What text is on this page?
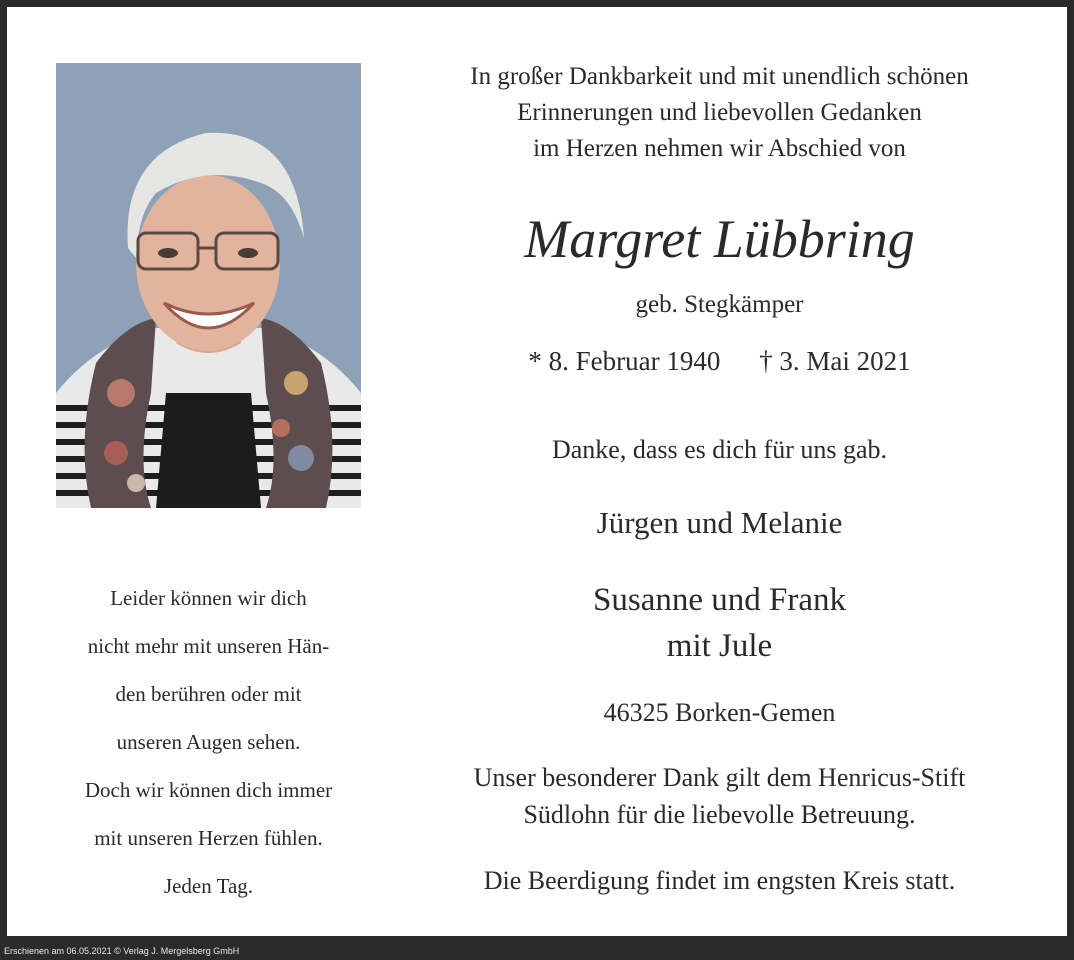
Leider können wir dich
nicht mehr mit unseren Hän-
den berühren oder mit
unseren Augen sehen.
Doch wir können dich immer
mit unseren Herzen fühlen.
Jeden Tag.
In großer Dankbarkeit und mit unendlich schönen
Erinnerungen und liebevollen Gedanken
im Herzen nehmen wir Abschied von
Margret Lübbring
geb. Stegkämper
* 8. Februar 1940 † 3. Mai 2021
Danke, dass es dich für uns gab.
Jürgen und Melanie
Susanne und Frank
mit Jule
46325 Borken-Gemen
Unser besonderer Dank gilt dem Henricus-Stift
Südlohn für die liebevolle Betreuung.
Die Beerdigung findet im engsten Kreis statt.
Erschienen am 06.05.2021 © Verlag J. Mergelsberg GmbH
